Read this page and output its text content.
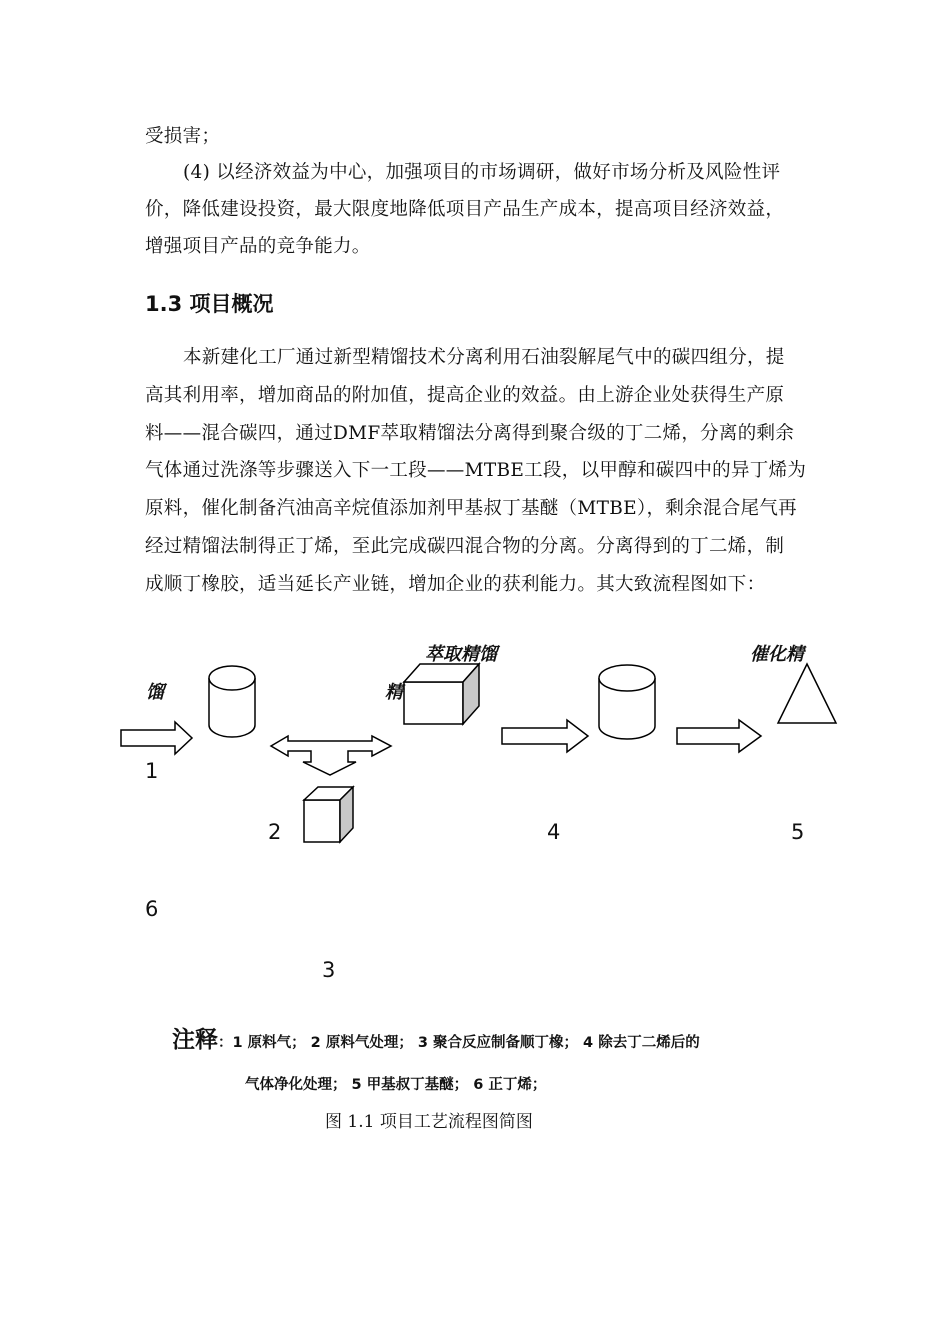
受损害；
(4) 以经济效益为中心，加强项目的市场调研，做好市场分析及风险性评
价，降低建设投资，最大限度地降低项目产品生产成本，提高项目经济效益，
增强项目产品的竞争能力。
1.3 项目概况
本新建化工厂通过新型精馏技术分离利用石油裂解尾气中的碳四组分，提
高其利用率，增加商品的附加值，提高企业的效益。由上游企业处获得生产原
料——混合碳四，通过DMF萃取精馏法分离得到聚合级的丁二烯，分离的剩余
气体通过洗涤等步骤送入下一工段——MTBE工段，以甲醇和碳四中的异丁烯为
原料，催化制备汽油高辛烷值添加剂甲基叔丁基醚（MTBE），剩余混合尾气再
经过精馏法制得正丁烯，至此完成碳四混合物的分离。分离得到的丁二烯，制
成顺丁橡胶，适当延长产业链，增加企业的获利能力。其大致流程图如下：
萃取精馏	催化精
馏	精
1
2	4	5
6
3
注释：1 原料气； 2 原料气处理； 3 聚合反应制备顺丁橡； 4 除去丁二烯后的
气体净化处理； 5 甲基叔丁基醚； 6 正丁烯；
图 1.1 项目工艺流程图简图
